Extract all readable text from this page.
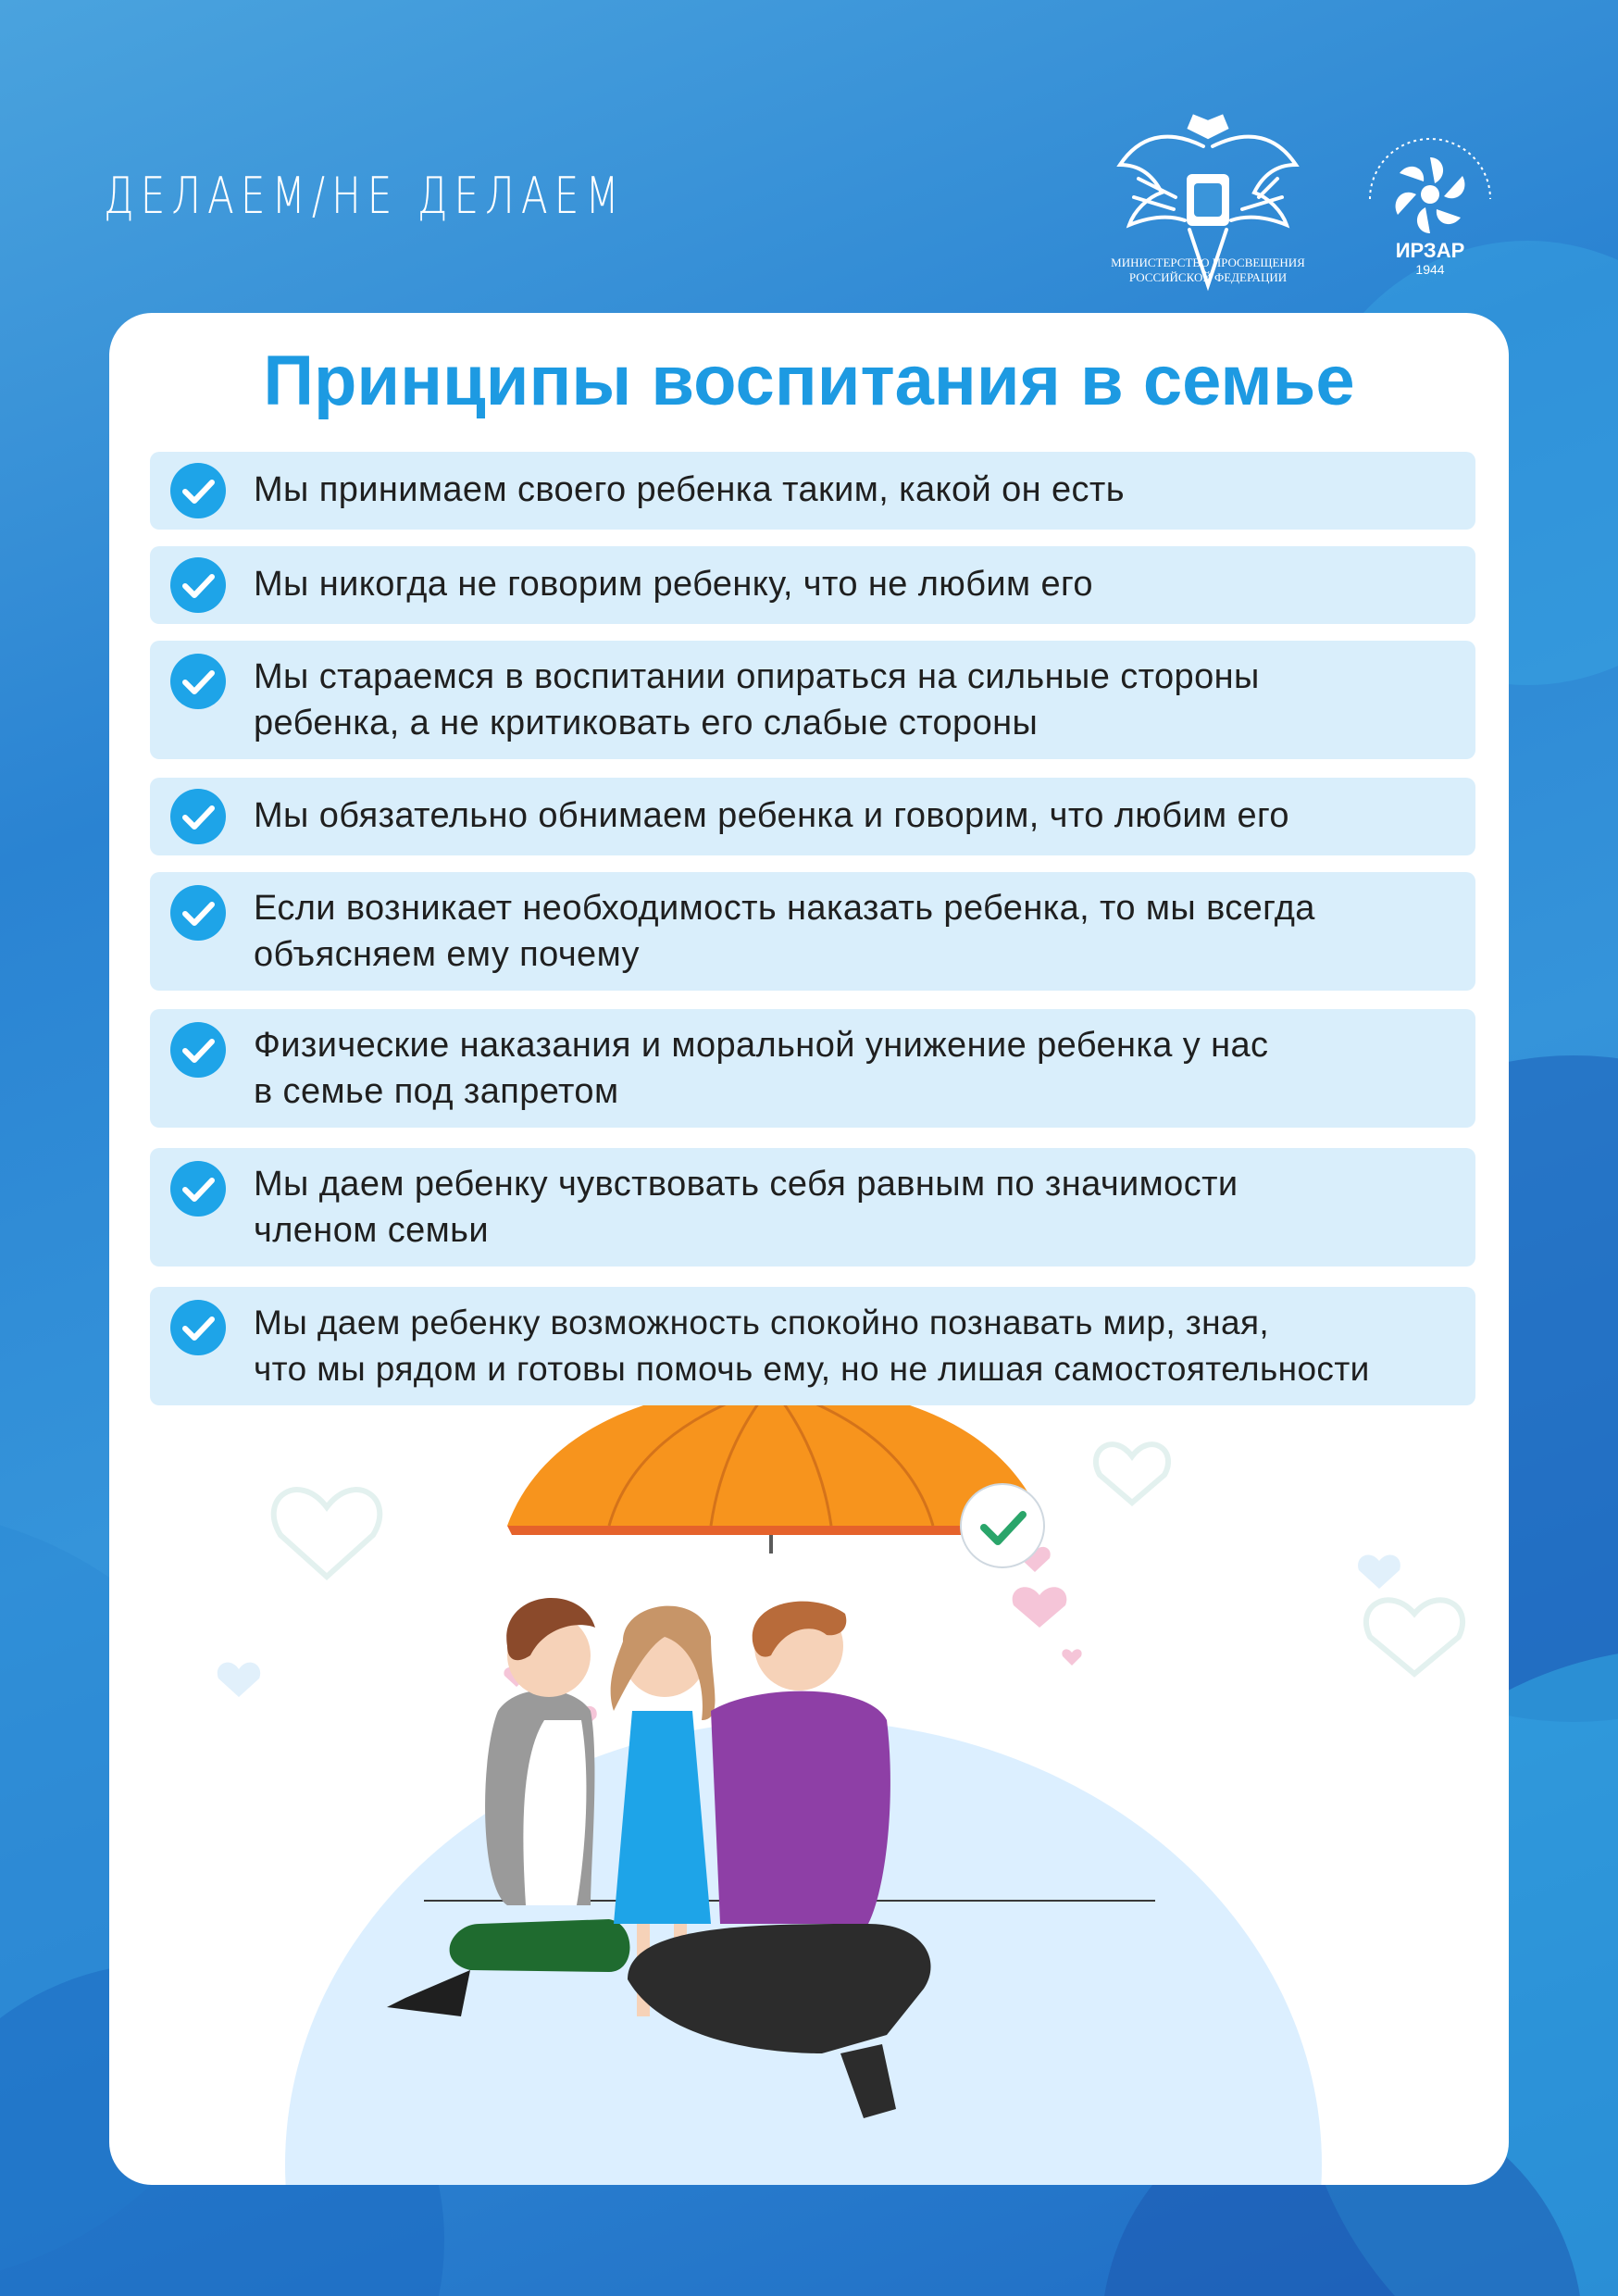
ДЕЛАЕМ/НЕ ДЕЛАЕМ
МИНИСТЕРСТВО ПРОСВЕЩЕНИЯ РОССИЙСКОЙ ФЕДЕРАЦИИ
ИРЗАР
1944
Принципы воспитания в семье
Мы принимаем своего ребенка таким, какой он есть
Мы никогда не говорим ребенку, что не любим его
Мы стараемся в воспитании опираться на сильные стороны
ребенка, а не критиковать его слабые стороны
Мы обязательно обнимаем ребенка и говорим, что любим его
Если возникает необходимость наказать ребенка, то мы всегда
объясняем ему почему
Физические наказания и моральной унижение ребенка у нас
в семье под запретом
Мы даем ребенку чувствовать себя равным по значимости
членом семьи
Мы даем ребенку возможность спокойно познавать мир, зная,
что мы рядом и готовы помочь ему, но не лишая самостоятельности
